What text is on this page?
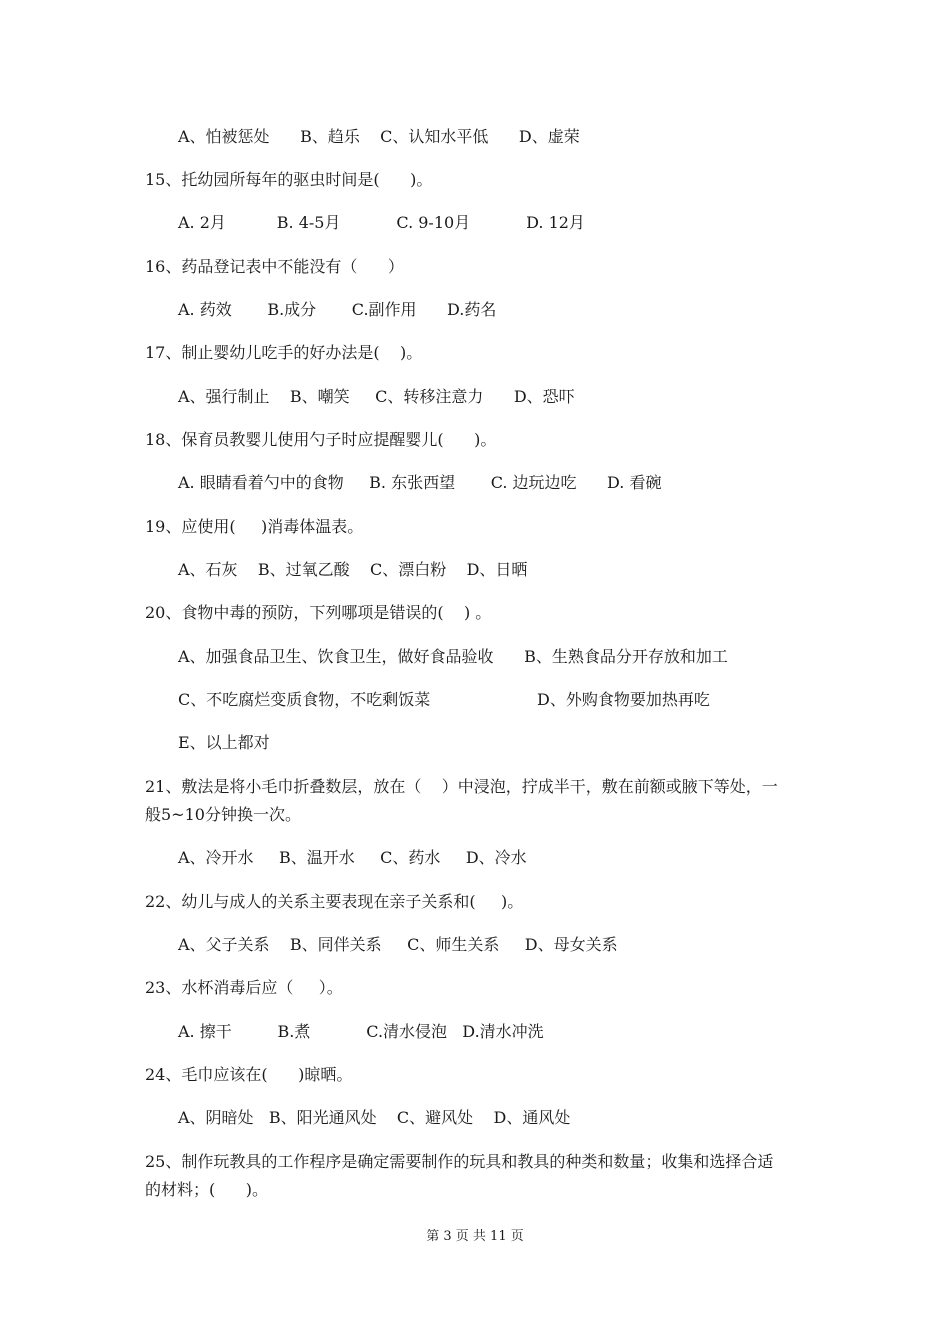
A、怕被惩处      B、趋乐    C、认知水平低      D、虚荣
15、托幼园所每年的驱虫时间是(      )。
A. 2月          B. 4-5月           C. 9-10月           D. 12月
16、药品登记表中不能没有（      ）
A. 药效       B.成分       C.副作用      D.药名
17、制止婴幼儿吃手的好办法是(    )。
A、强行制止    B、嘲笑     C、转移注意力      D、恐吓
18、保育员教婴儿使用勺子时应提醒婴儿(      )。
A. 眼睛看着勺中的食物     B. 东张西望       C. 边玩边吃      D. 看碗
19、应使用(     )消毒体温表。
A、石灰    B、过氧乙酸    C、漂白粉    D、日晒
20、食物中毒的预防，下列哪项是错误的(    ) 。
A、加强食品卫生、饮食卫生，做好食品验收      B、生熟食品分开存放和加工
C、不吃腐烂变质食物，不吃剩饭菜	D、外购食物要加热再吃
E、以上都对
21、敷法是将小毛巾折叠数层，放在（    ）中浸泡，拧成半干，敷在前额或腋下等处，一
般5~10分钟换一次。
A、冷开水     B、温开水     C、药水     D、冷水
22、幼儿与成人的关系主要表现在亲子关系和(     )。
A、父子关系    B、同伴关系     C、师生关系     D、母女关系
23、水杯消毒后应（     ）。
A. 擦干         B.煮           C.清水侵泡   D.清水冲洗
24、毛巾应该在(      )晾晒。
A、阴暗处   B、阳光通风处    C、避风处    D、通风处
25、制作玩教具的工作程序是确定需要制作的玩具和教具的种类和数量；收集和选择合适
的材料；(      )。
第 3 页 共 11 页
